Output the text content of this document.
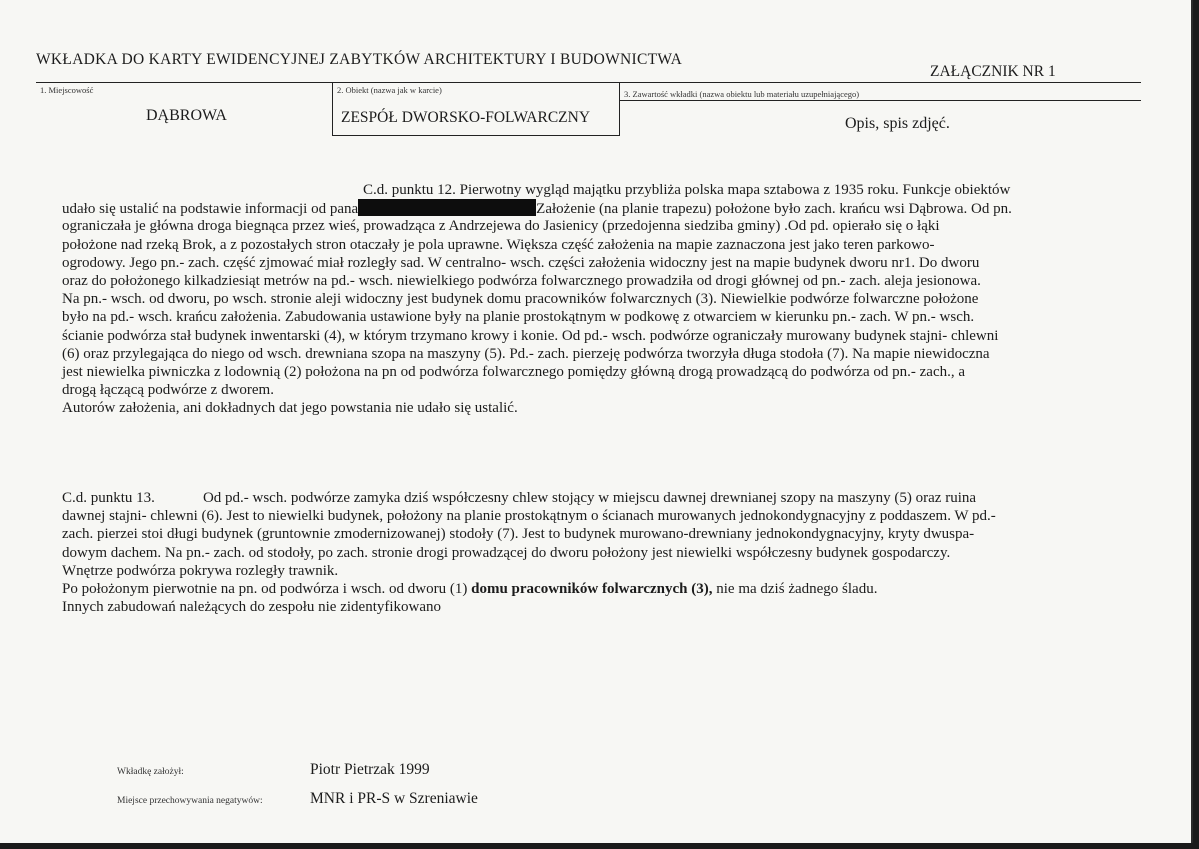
WKŁADKA DO KARTY EWIDENCYJNEJ ZABYTKÓW ARCHITEKTURY I BUDOWNICTWA
ZAŁĄCZNIK NR 1
1. Miejscowość
DĄBROWA
2. Obiekt (nazwa jak w karcie)
ZESPÓŁ DWORSKO-FOLWARCZNY
3. Zawartość wkładki (nazwa obiektu lub materiału uzupełniającego)
Opis, spis zdjęć.
C.d. punktu 12. Pierwotny wygląd majątku przybliża polska mapa sztabowa z 1935 roku. Funkcje obiektów
udało się ustalić na podstawie informacji od pana	Założenie (na planie trapezu) położone było zach. krańcu wsi Dąbrowa. Od pn.
ograniczała je główna droga biegnąca przez wieś, prowadząca z Andrzejewa do Jasienicy (przedojenna siedziba gminy) .Od pd. opierało się o łąki
położone nad rzeką Brok, a z pozostałych stron otaczały je pola uprawne. Większa część założenia na mapie zaznaczona jest jako teren parkowo-
ogrodowy. Jego pn.- zach. część zjmować miał rozległy sad. W centralno- wsch. części założenia widoczny jest na mapie budynek dworu nr1. Do dworu
oraz do położonego kilkadziesiąt metrów na pd.- wsch. niewielkiego podwórza folwarcznego prowadziła od drogi głównej od pn.- zach. aleja jesionowa.
Na pn.- wsch. od dworu, po wsch. stronie aleji widoczny jest budynek domu pracowników folwarcznych (3). Niewielkie podwórze folwarczne położone
było na pd.- wsch. krańcu założenia. Zabudowania ustawione były na planie prostokątnym w podkowę z otwarciem w kierunku pn.- zach. W pn.- wsch.
ścianie podwórza stał budynek inwentarski (4), w którym trzymano krowy i konie. Od pd.- wsch. podwórze ograniczały murowany budynek stajni- chlewni
(6) oraz przylegająca do niego od wsch. drewniana szopa na maszyny (5). Pd.- zach. pierzeję podwórza tworzyła długa stodoła (7). Na mapie niewidoczna
jest niewielka piwniczka z lodownią (2) położona na pn od podwórza folwarcznego pomiędzy główną drogą prowadzącą do podwórza od pn.- zach., a
drogą łączącą podwórze z dworem.
Autorów założenia, ani dokładnych dat jego powstania nie udało się ustalić.
C.d. punktu 13.	Od pd.- wsch. podwórze zamyka dziś współczesny chlew stojący w miejscu dawnej drewnianej szopy na maszyny (5) oraz ruina
dawnej stajni- chlewni (6). Jest to niewielki budynek, położony na planie prostokątnym o ścianach murowanych jednokondygnacyjny z poddaszem. W pd.-
zach. pierzei stoi długi budynek (gruntownie zmodernizowanej) stodoły (7). Jest to budynek murowano-drewniany jednokondygnacyjny, kryty dwuspa-
dowym dachem. Na pn.- zach. od stodoły, po zach. stronie drogi prowadzącej do dworu położony jest niewielki współczesny budynek gospodarczy.
Wnętrze podwórza pokrywa rozległy trawnik.
Po położonym pierwotnie na pn. od podwórza i wsch. od dworu (1) domu pracowników folwarcznych (3), nie ma dziś żadnego śladu.
Innych zabudowań należących do zespołu nie zidentyfikowano
Wkładkę założył:	Piotr Pietrzak 1999
Miejsce przechowywania negatywów:	MNR i PR-S w Szreniawie
